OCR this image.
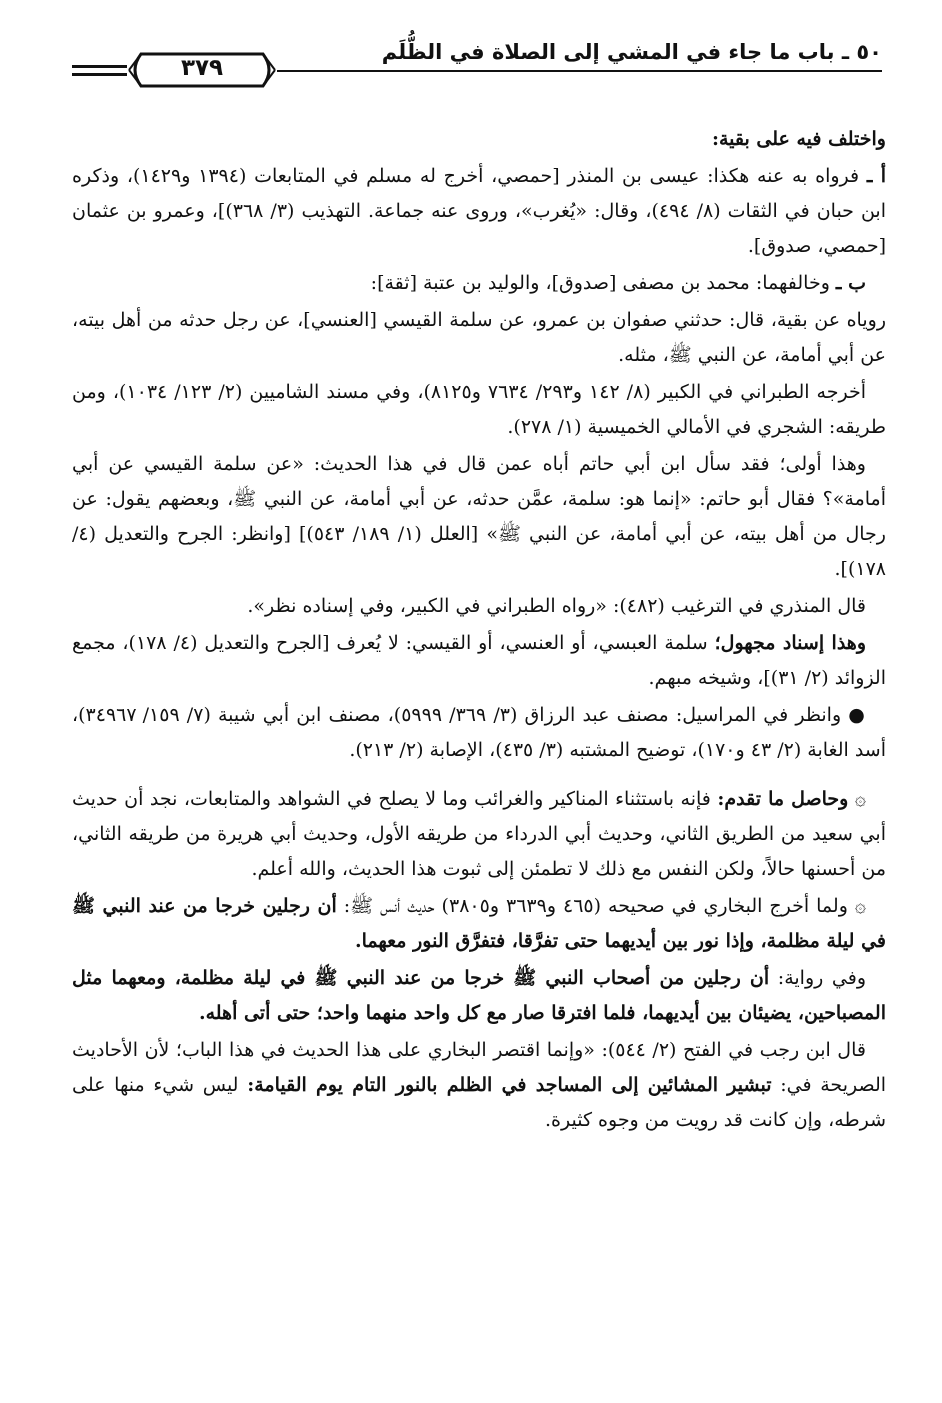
٣٧٩
٥٠ ـ باب ما جاء في المشي إلى الصلاة في الظُّلَم

واختلف فيه على بقية:

أ ـ فرواه به عنه هكذا: عيسى بن المنذر [حمصي، أخرج له مسلم في المتابعات (١٣٩٤ و١٤٢٩)، وذكره ابن حبان في الثقات (٨/ ٤٩٤)، وقال: «يُغرب»، وروى عنه جماعة. التهذيب (٣/ ٣٦٨)]، وعمرو بن عثمان [حمصي، صدوق].

ب ـ وخالفهما: محمد بن مصفى [صدوق]، والوليد بن عتبة [ثقة]:

روياه عن بقية، قال: حدثني صفوان بن عمرو، عن سلمة القيسي [العنسي]، عن رجل حدثه من أهل بيته، عن أبي أمامة، عن النبي ﷺ، مثله.

أخرجه الطبراني في الكبير (٨/ ١٤٢ و٢٩٣/ ٧٦٣٤ و٨١٢٥)، وفي مسند الشاميين (٢/ ١٢٣/ ١٠٣٤)، ومن طريقه: الشجري في الأمالي الخميسية (١/ ٢٧٨).

وهذا أولى؛ فقد سأل ابن أبي حاتم أباه عمن قال في هذا الحديث: «عن سلمة القيسي عن أبي أمامة»؟ فقال أبو حاتم: «إنما هو: سلمة، عمَّن حدثه، عن أبي أمامة، عن النبي ﷺ، وبعضهم يقول: عن رجال من أهل بيته، عن أبي أمامة، عن النبي ﷺ» [العلل (١/ ١٨٩/ ٥٤٣)] [وانظر: الجرح والتعديل (٤/ ١٧٨)].

قال المنذري في الترغيب (٤٨٢): «رواه الطبراني في الكبير، وفي إسناده نظر».

وهذا إسناد مجهول؛ سلمة العبسي، أو العنسي، أو القيسي: لا يُعرف [الجرح والتعديل (٤/ ١٧٨)، مجمع الزوائد (٢/ ٣١)]، وشيخه مبهم.

● وانظر في المراسيل: مصنف عبد الرزاق (٣/ ٣٦٩/ ٥٩٩٩)، مصنف ابن أبي شيبة (٧/ ١٥٩/ ٣٤٩٦٧)، أسد الغابة (٢/ ٤٣ و١٧٠)، توضيح المشتبه (٣/ ٤٣٥)، الإصابة (٢/ ٢١٣).

۞ وحاصل ما تقدم: فإنه باستثناء المناكير والغرائب وما لا يصلح في الشواهد والمتابعات، نجد أن حديث أبي سعيد من الطريق الثاني، وحديث أبي الدرداء من طريقه الأول، وحديث أبي هريرة من طريقه الثاني، من أحسنها حالاً، ولكن النفس مع ذلك لا تطمئن إلى ثبوت هذا الحديث، والله أعلم.

۞ ولما أخرج البخاري في صحيحه (٤٦٥ و٣٦٣٩ و٣٨٠٥) حديث أنس ﷺ: أن رجلين خرجا من عند النبي ﷺ في ليلة مظلمة، وإذا نور بين أيديهما حتى تفرَّقا، فتفرَّق النور معهما.

وفي رواية: أن رجلين من أصحاب النبي ﷺ خرجا من عند النبي ﷺ في ليلة مظلمة، ومعهما مثل المصباحين، يضيئان بين أيديهما، فلما افترقا صار مع كل واحد منهما واحد؛ حتى أتى أهله.

قال ابن رجب في الفتح (٢/ ٥٤٤): «وإنما اقتصر البخاري على هذا الحديث في هذا الباب؛ لأن الأحاديث الصريحة في: تبشير المشائين إلى المساجد في الظلم بالنور التام يوم القيامة: ليس شيء منها على شرطه، وإن كانت قد رويت من وجوه كثيرة.
